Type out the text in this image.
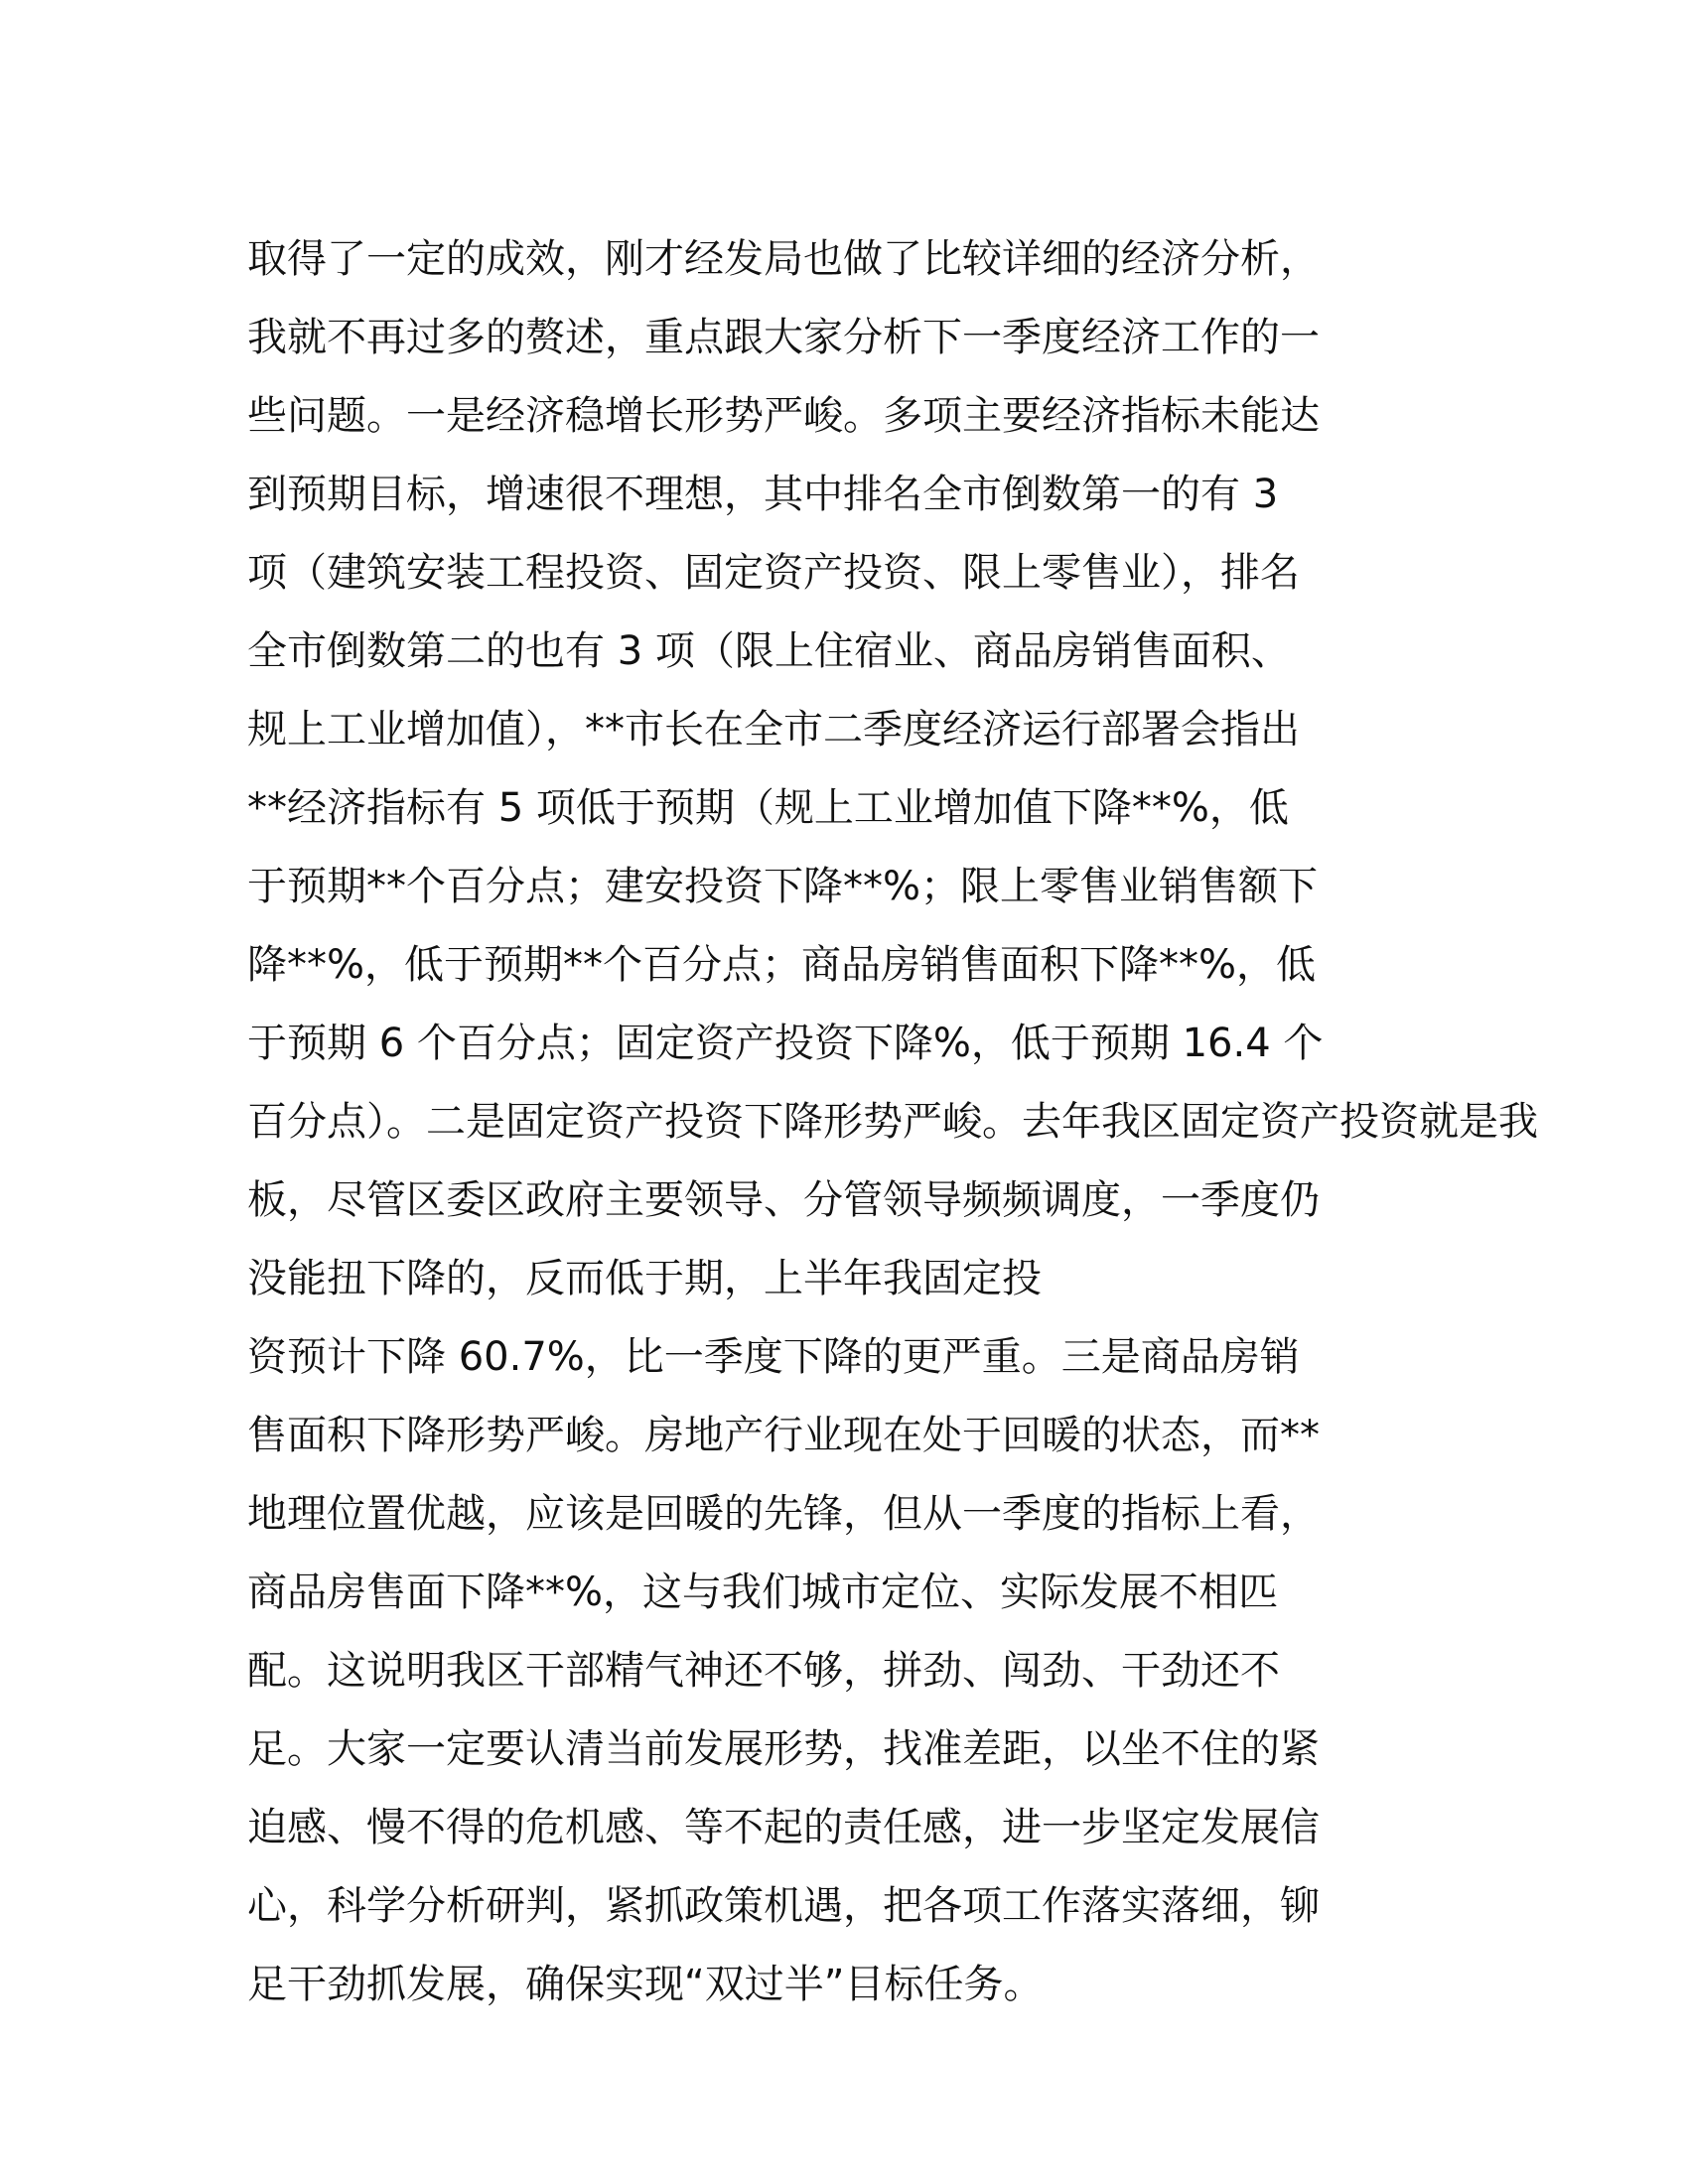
取得了一定的成效，刚才经发局也做了比较详细的经济分析，
我就不再过多的赘述，重点跟大家分析下一季度经济工作的一
些问题。一是经济稳增长形势严峻。多项主要经济指标未能达
到预期目标，增速很不理想，其中排名全市倒数第一的有 3
项（建筑安装工程投资、固定资产投资、限上零售业），排名
全市倒数第二的也有 3 项（限上住宿业、商品房销售面积、
规上工业增加值），**市长在全市二季度经济运行部署会指出
**经济指标有 5 项低于预期（规上工业增加值下降**%，低
于预期**个百分点；建安投资下降**%；限上零售业销售额下
降**%，低于预期**个百分点；商品房销售面积下降**%，低
于预期 6 个百分点；固定资产投资下降%，低于预期 16.4 个
百分点）。二是固定资产投资下降形势严峻。去年我区固定资产投资就是我
板，尽管区委区政府主要领导、分管领导频频调度，一季度仍
没能扭下降的，反而低于期，上半年我固定投
资预计下降 60.7%，比一季度下降的更严重。三是商品房销
售面积下降形势严峻。房地产行业现在处于回暖的状态，而**
地理位置优越，应该是回暖的先锋，但从一季度的指标上看，
商品房售面下降**%，这与我们城市定位、实际发展不相匹
配。这说明我区干部精气神还不够，拼劲、闯劲、干劲还不
足。大家一定要认清当前发展形势，找准差距，以坐不住的紧
迫感、慢不得的危机感、等不起的责任感，进一步坚定发展信
心，科学分析研判，紧抓政策机遇，把各项工作落实落细，铆
足干劲抓发展，确保实现“双过半”目标任务。
